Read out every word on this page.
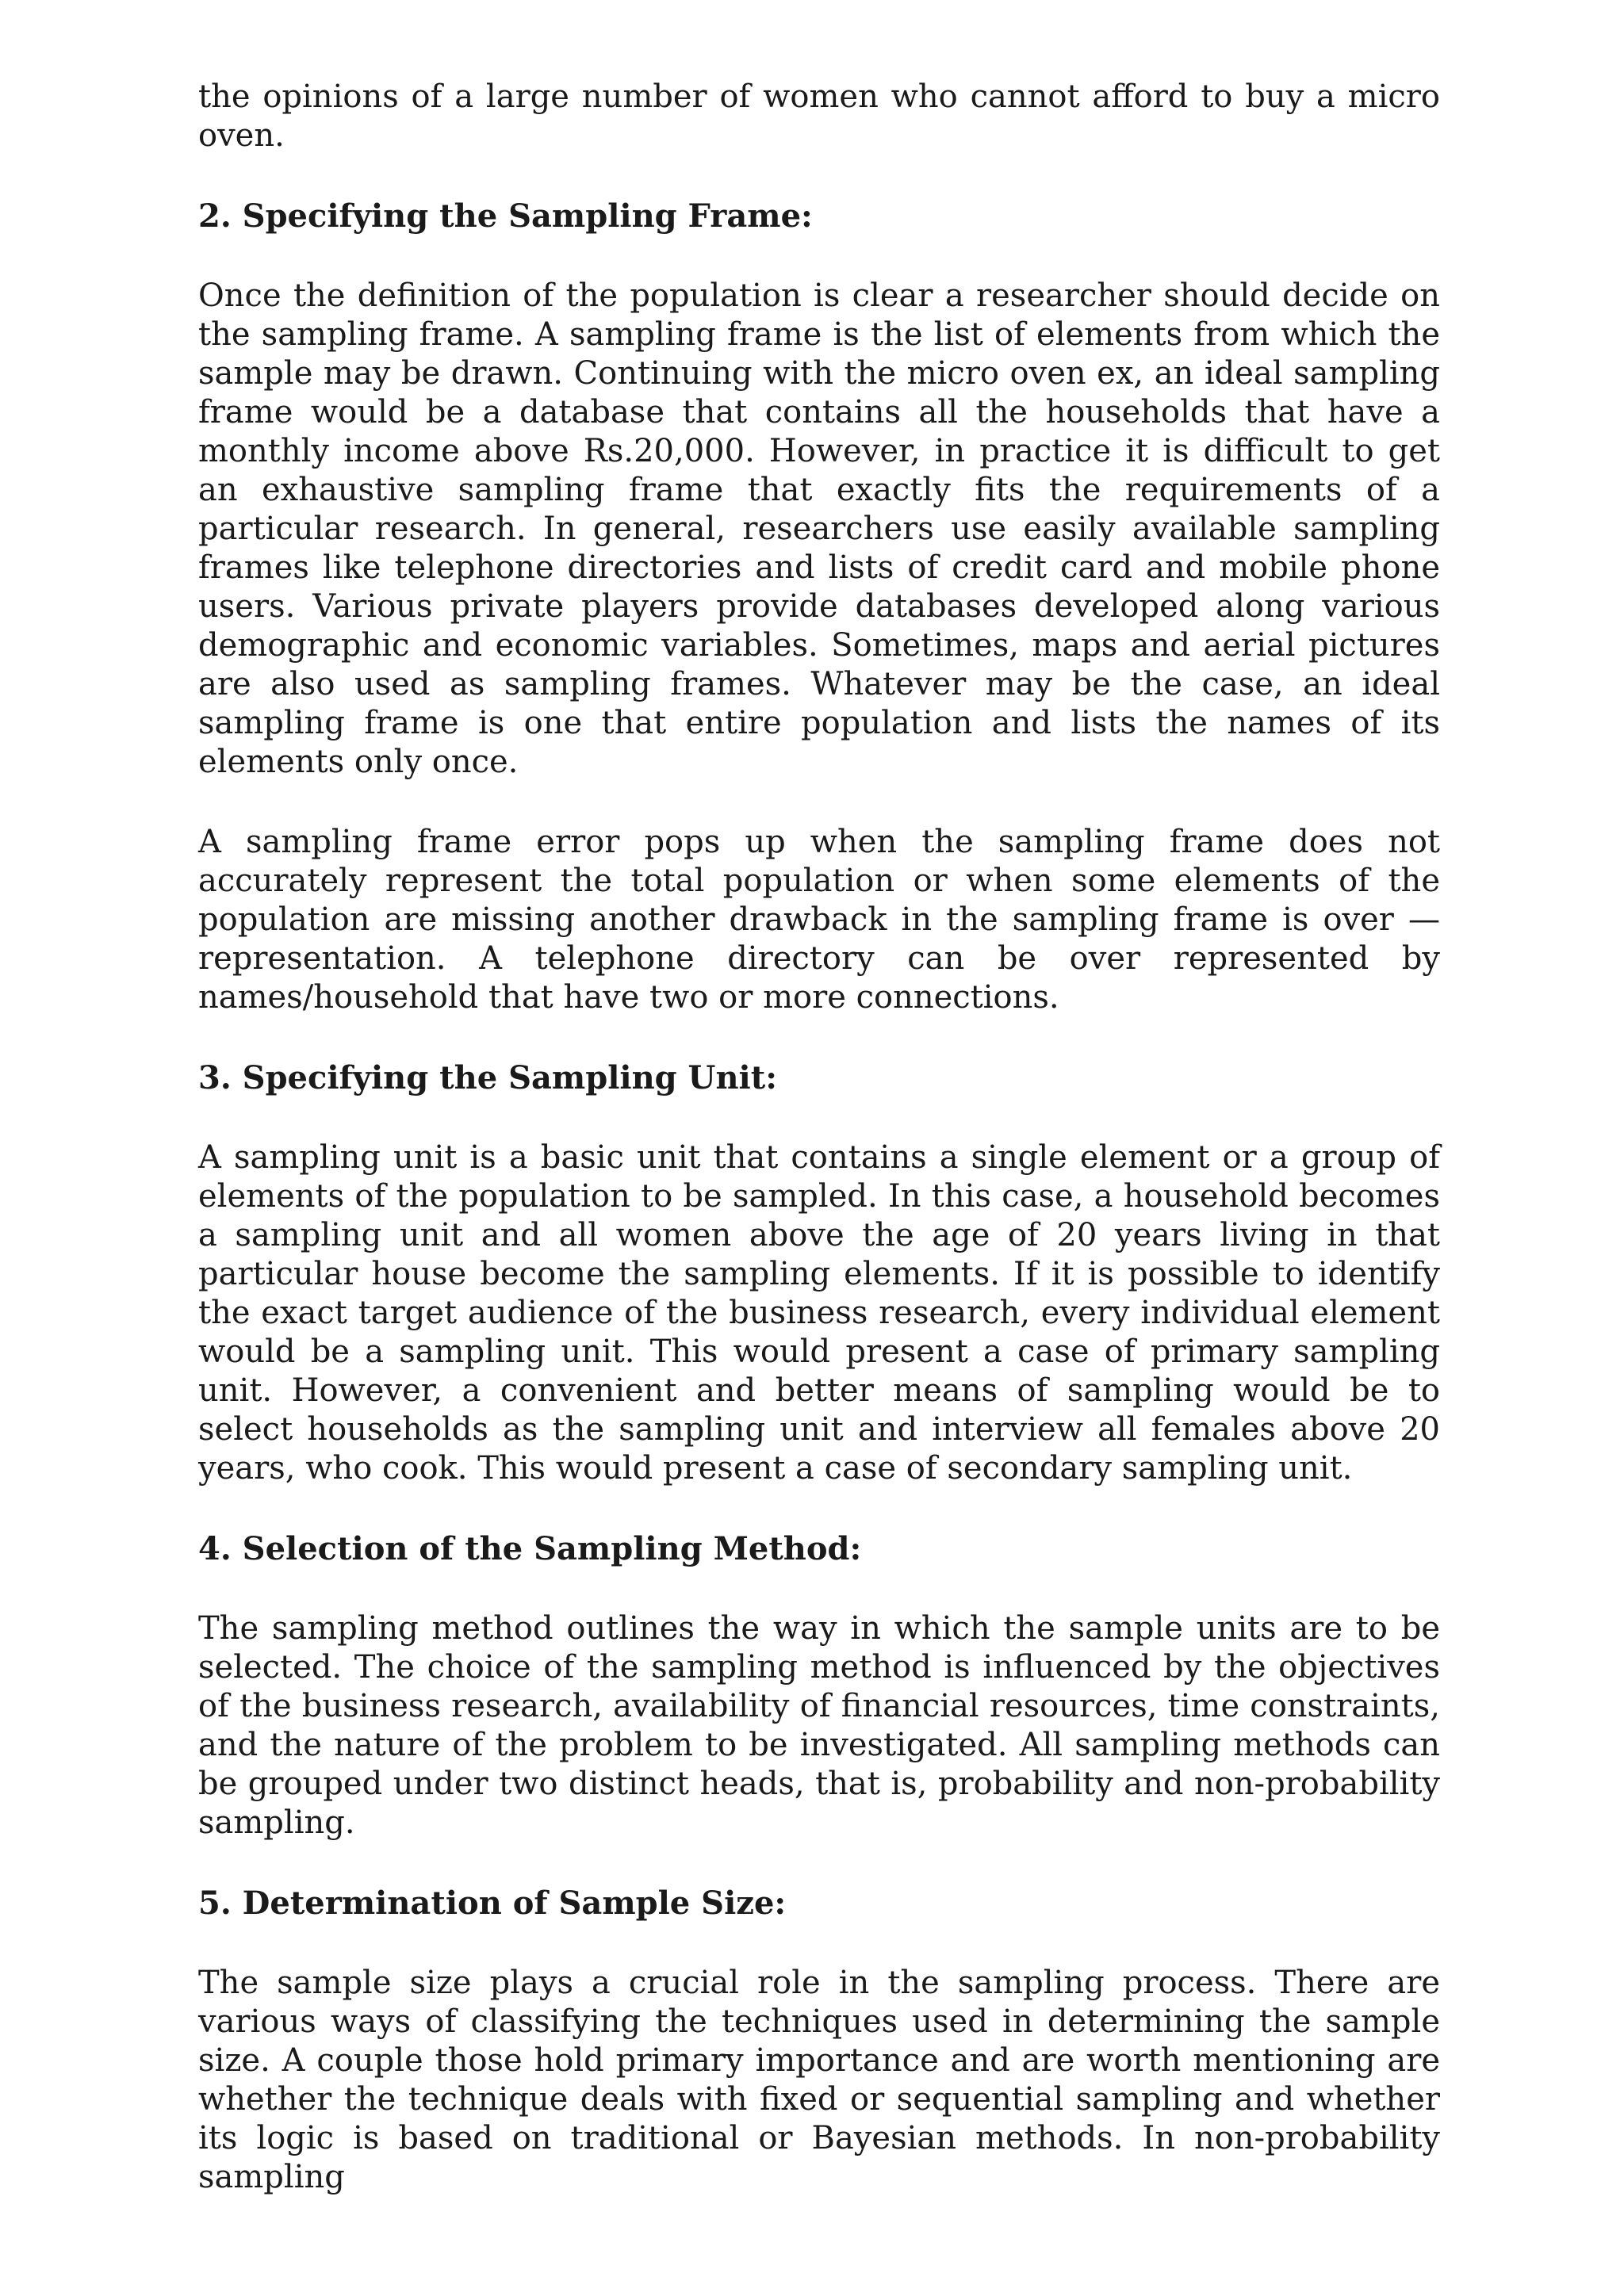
the opinions of a large number of women who cannot afford to buy a micro oven.

2. Specifying the Sampling Frame:

Once the definition of the population is clear a researcher should decide on the sampling frame. A sampling frame is the list of elements from which the sample may be drawn. Continuing with the micro oven ex, an ideal sampling frame would be a database that contains all the households that have a monthly income above Rs.20,000. However, in practice it is difficult to get an exhaustive sampling frame that exactly fits the requirements of a particular research. In general, researchers use easily available sampling frames like telephone directories and lists of credit card and mobile phone users. Various private players provide databases developed along various demographic and economic variables. Sometimes, maps and aerial pictures are also used as sampling frames. Whatever may be the case, an ideal sampling frame is one that entire population and lists the names of its elements only once.

A sampling frame error pops up when the sampling frame does not accurately represent the total population or when some elements of the population are missing another drawback in the sampling frame is over —representation. A telephone directory can be over represented by names/household that have two or more connections.

3. Specifying the Sampling Unit:

A sampling unit is a basic unit that contains a single element or a group of elements of the population to be sampled. In this case, a household becomes a sampling unit and all women above the age of 20 years living in that particular house become the sampling elements. If it is possible to identify the exact target audience of the business research, every individual element would be a sampling unit. This would present a case of primary sampling unit. However, a convenient and better means of sampling would be to select households as the sampling unit and interview all females above 20 years, who cook. This would present a case of secondary sampling unit.

4. Selection of the Sampling Method:

The sampling method outlines the way in which the sample units are to be selected. The choice of the sampling method is influenced by the objectives of the business research, availability of financial resources, time constraints, and the nature of the problem to be investigated. All sampling methods can be grouped under two distinct heads, that is, probability and non-probability sampling.

5. Determination of Sample Size:

The sample size plays a crucial role in the sampling process. There are various ways of classifying the techniques used in determining the sample size. A couple those hold primary importance and are worth mentioning are whether the technique deals with fixed or sequential sampling and whether its logic is based on traditional or Bayesian methods. In non-probability sampling
